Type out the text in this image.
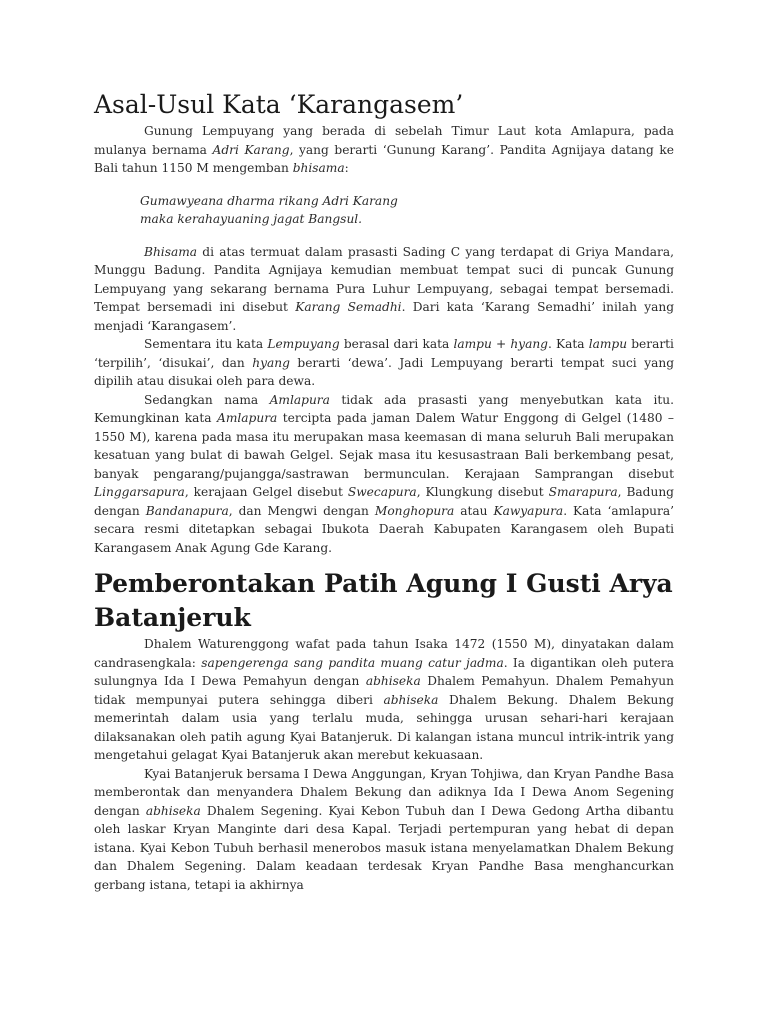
Asal-Usul Kata ‘Karangasem’

Gunung Lempuyang yang berada di sebelah Timur Laut kota Amlapura, pada mulanya bernama Adri Karang, yang berarti ‘Gunung Karang’. Pandita Agnijaya datang ke Bali tahun 1150 M mengemban bhisama:

Gumawyeana dharma rikang Adri Karang
maka kerahayuaning jagat Bangsul.

Bhisama di atas termuat dalam prasasti Sading C yang terdapat di Griya Mandara, Munggu Badung. Pandita Agnijaya kemudian membuat tempat suci di puncak Gunung Lempuyang yang sekarang bernama Pura Luhur Lempuyang, sebagai tempat bersemadi. Tempat bersemadi ini disebut Karang Semadhi. Dari kata ‘Karang Semadhi’ inilah yang menjadi ‘Karangasem’.

Sementara itu kata Lempuyang berasal dari kata lampu + hyang. Kata lampu berarti ‘terpilih’, ‘disukai’, dan hyang berarti ‘dewa’. Jadi Lempuyang berarti tempat suci yang dipilih atau disukai oleh para dewa.

Sedangkan nama Amlapura tidak ada prasasti yang menyebutkan kata itu. Kemungkinan kata Amlapura tercipta pada jaman Dalem Watur Enggong di Gelgel (1480 – 1550 M), karena pada masa itu merupakan masa keemasan di mana seluruh Bali merupakan kesatuan yang bulat di bawah Gelgel. Sejak masa itu kesusastraan Bali berkembang pesat, banyak pengarang/pujangga/sastrawan bermunculan. Kerajaan Samprangan disebut Linggarsapura, kerajaan Gelgel disebut Swecapura, Klungkung disebut Smarapura, Badung dengan Bandanapura, dan Mengwi dengan Monghopura atau Kawyapura. Kata ‘amlapura’ secara resmi ditetapkan sebagai Ibukota Daerah Kabupaten Karangasem oleh Bupati Karangasem Anak Agung Gde Karang.

Pemberontakan Patih Agung I Gusti Arya Batanjeruk

Dhalem Waturenggong wafat pada tahun Isaka 1472 (1550 M), dinyatakan dalam candrasengkala: sapengerenga sang pandita muang catur jadma. Ia digantikan oleh putera sulungnya Ida I Dewa Pemahyun dengan abhiseka Dhalem Pemahyun. Dhalem Pemahyun tidak mempunyai putera sehingga diberi abhiseka Dhalem Bekung. Dhalem Bekung memerintah dalam usia yang terlalu muda, sehingga urusan sehari-hari kerajaan dilaksanakan oleh patih agung Kyai Batanjeruk. Di kalangan istana muncul intrik-intrik yang mengetahui gelagat Kyai Batanjeruk akan merebut kekuasaan.

Kyai Batanjeruk bersama I Dewa Anggungan, Kryan Tohjiwa, dan Kryan Pandhe Basa memberontak dan menyandera Dhalem Bekung dan adiknya Ida I Dewa Anom Segening dengan abhiseka Dhalem Segening. Kyai Kebon Tubuh dan I Dewa Gedong Artha dibantu oleh laskar Kryan Manginte dari desa Kapal. Terjadi pertempuran yang hebat di depan istana. Kyai Kebon Tubuh berhasil menerobos masuk istana menyelamatkan Dhalem Bekung dan Dhalem Segening. Dalam keadaan terdesak Kryan Pandhe Basa menghancurkan gerbang istana, tetapi ia akhirnya
